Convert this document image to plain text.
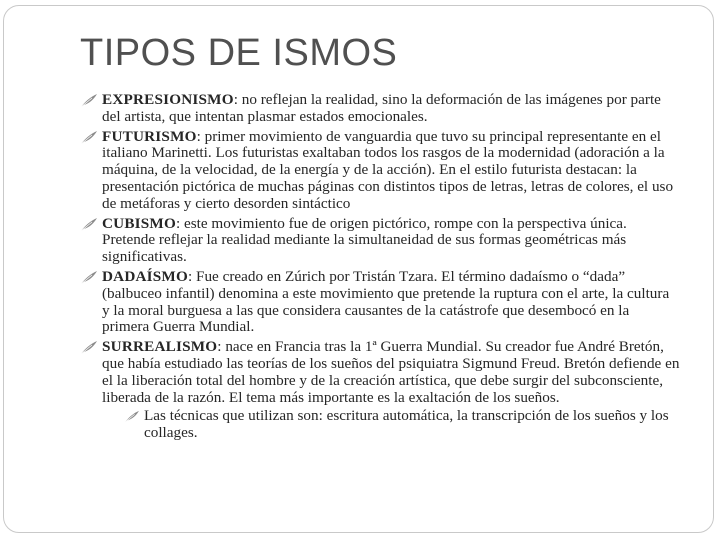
TIPOS DE ISMOS
EXPRESIONISMO: no reflejan la realidad, sino la deformación de las imágenes por parte del artista, que intentan plasmar estados emocionales.
FUTURISMO: primer movimiento de vanguardia que tuvo su principal representante en el italiano Marinetti. Los futuristas exaltaban todos los rasgos de la modernidad (adoración a la máquina, de la velocidad, de la energía y de la acción). En el estilo futurista destacan: la presentación pictórica de muchas páginas con distintos tipos de letras, letras de colores, el uso de metáforas y cierto desorden sintáctico
CUBISMO: este movimiento fue de origen pictórico, rompe con la perspectiva única. Pretende reflejar la realidad mediante la simultaneidad de sus formas geométricas más significativas.
DADAÍSMO: Fue creado en Zúrich por Tristán Tzara. El término dadaísmo o “dada” (balbuceo infantil) denomina a este movimiento que pretende la ruptura con el arte, la cultura y la moral burguesa a las que considera causantes de la catástrofe que desembocó en la primera Guerra Mundial.
SURREALISMO: nace en Francia tras la 1ª Guerra Mundial. Su creador fue André Bretón, que había estudiado las teorías de los sueños del psiquiatra Sigmund Freud. Bretón defiende en el la liberación total del hombre y de la creación artística, que debe surgir del subconsciente, liberada de la razón. El tema más importante es la exaltación de los sueños.
Las técnicas que utilizan son: escritura automática, la transcripción de los sueños y los collages.
